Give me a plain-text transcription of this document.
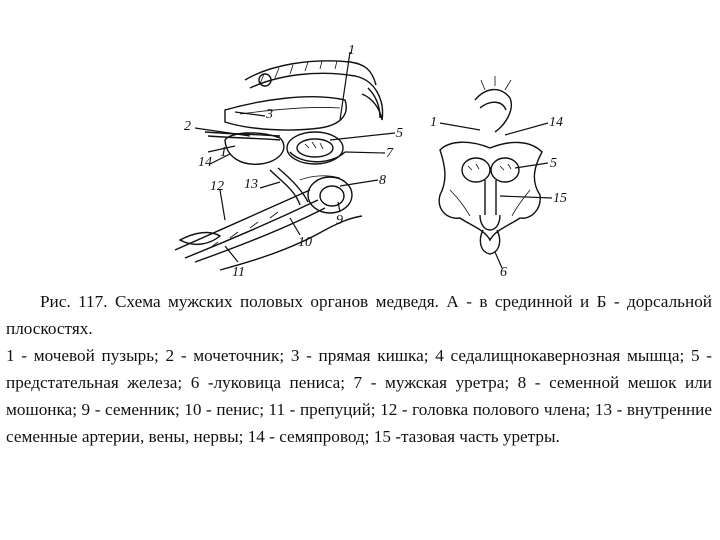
1
2
3
5
7
8
9
10
11
12 13
14
1
1	14
5
15
6

Рис. 117. Схема мужских половых органов медведя. А - в срединной и Б - дорсальной плоскостях.

1 - мочевой пузырь; 2 - мочеточник; 3 - прямая кишка; 4 седалищнокавернозная мышца; 5 - предстательная железа; 6 -луковица пениса; 7 - мужская уретра; 8 - семенной мешок или мошонка; 9 - семенник; 10 - пенис; 11 - препуций; 12 - головка полового члена; 13 - внутренние семенные артерии, вены, нервы; 14 - семяпровод; 15 -тазовая часть уретры.
